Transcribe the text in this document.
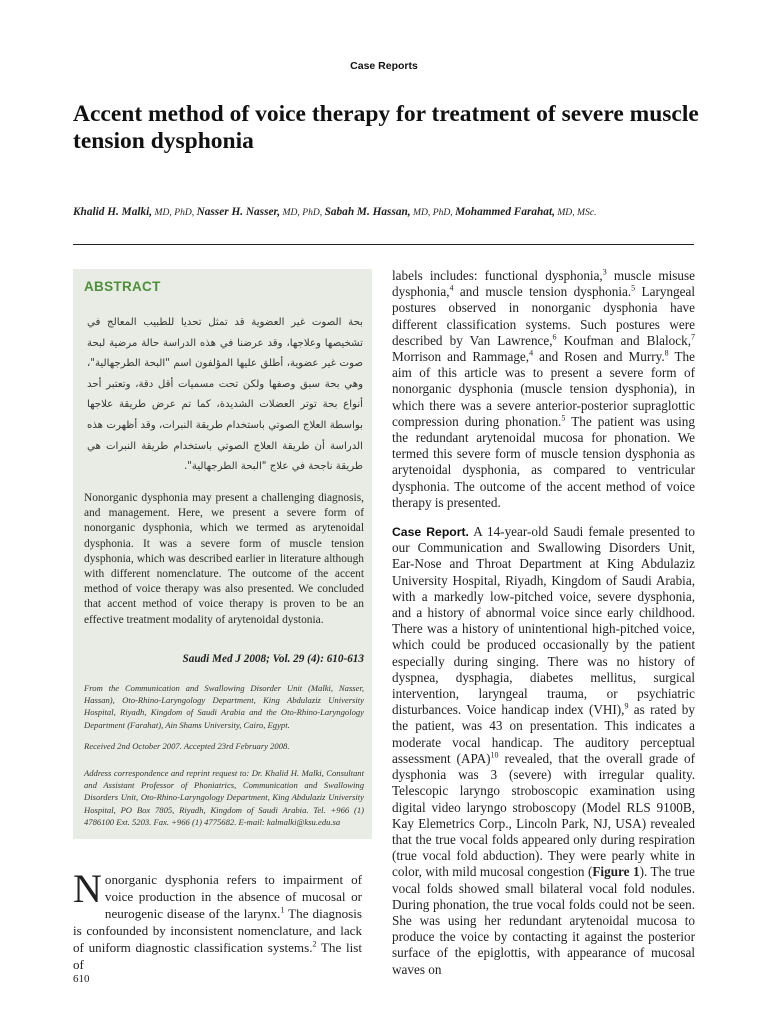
Case Reports
Accent method of voice therapy for treatment of severe muscle tension dysphonia
Khalid H. Malki, MD, PhD, Nasser H. Nasser, MD, PhD, Sabah M. Hassan, MD, PhD, Mohammed Farahat, MD, MSc.
ABSTRACT
بحة الصوت غير العضوية قد تمثل تحديا للطبيب المعالج في تشخيصها وعلاجها، وقد عرضنا في هذه الدراسة حالة مرضية لبحة صوت غير عضوية، أطلق عليها المؤلفون اسم "البحة الطرجهالية"، وهي بحة سبق وصفها ولكن تحت مسميات أقل دقة، وتعتبر أحد أنواع بحة توتر العضلات الشديدة، كما تم عرض طريقة علاجها بواسطة العلاج الصوتي باستخدام طريقة النبرات، وقد أظهرت هذه الدراسة أن طريقة العلاج الصوتي باستخدام طريقة النبرات هي طريقة ناجحة في علاج "البحة الطرجهالية".
Nonorganic dysphonia may present a challenging diagnosis, and management. Here, we present a severe form of nonorganic dysphonia, which we termed as arytenoidal dysphonia. It was a severe form of muscle tension dysphonia, which was described earlier in literature although with different nomenclature. The outcome of the accent method of voice therapy was also presented. We concluded that accent method of voice therapy is proven to be an effective treatment modality of arytenoidal dystonia.
Saudi Med J 2008; Vol. 29 (4): 610-613
From the Communication and Swallowing Disorder Unit (Malki, Nasser, Hassan), Oto-Rhino-Laryngology Department, King Abdulaziz University Hospital, Riyadh, Kingdom of Saudi Arabia and the Oto-Rhino-Laryngology Department (Farahat), Ain Shams University, Cairo, Egypt.
Received 2nd October 2007. Accepted 23rd February 2008.
Address correspondence and reprint request to: Dr. Khalid H. Malki, Consultant and Assistant Professor of Phoniatrics, Communication and Swallowing Disorders Unit, Oto-Rhino-Laryngology Department, King Abdulaziz University Hospital, PO Box 7805, Riyadh, Kingdom of Saudi Arabia. Tel. +966 (1) 4786100 Ext. 5203. Fax. +966 (1) 4775682. E-mail: kalmalki@ksu.edu.sa
Nonorganic dysphonia refers to impairment of voice production in the absence of mucosal or neurogenic disease of the larynx.$^1$ The diagnosis is confounded by inconsistent nomenclature, and lack of uniform diagnostic classification systems.$^2$ The list of
610

labels includes: functional dysphonia,$^3$ muscle misuse dysphonia,$^4$ and muscle tension dysphonia.$^5$ Laryngeal postures observed in nonorganic dysphonia have different classification systems. Such postures were described by Van Lawrence,$^6$ Koufman and Blalock,$^7$ Morrison and Rammage,$^4$ and Rosen and Murry.$^8$ The aim of this article was to present a severe form of nonorganic dysphonia (muscle tension dysphonia), in which there was a severe anterior-posterior supraglottic compression during phonation.$^5$ The patient was using the redundant arytenoidal mucosa for phonation. We termed this severe form of muscle tension dysphonia as arytenoidal dysphonia, as compared to ventricular dysphonia. The outcome of the accent method of voice therapy is presented.

Case Report. A 14-year-old Saudi female presented to our Communication and Swallowing Disorders Unit, Ear-Nose and Throat Department at King Abdulaziz University Hospital, Riyadh, Kingdom of Saudi Arabia, with a markedly low-pitched voice, severe dysphonia, and a history of abnormal voice since early childhood. There was a history of unintentional high-pitched voice, which could be produced occasionally by the patient especially during singing. There was no history of dyspnea, dysphagia, diabetes mellitus, surgical intervention, laryngeal trauma, or psychiatric disturbances. Voice handicap index (VHI),$^9$ as rated by the patient, was 43 on presentation. This indicates a moderate vocal handicap. The auditory perceptual assessment (APA)$^{10}$ revealed, that the overall grade of dysphonia was 3 (severe) with irregular quality. Telescopic laryngo stroboscopic examination using digital video laryngo stroboscopy (Model RLS 9100B, Kay Elemetrics Corp., Lincoln Park, NJ, USA) revealed that the true vocal folds appeared only during respiration (true vocal fold abduction). They were pearly white in color, with mild mucosal congestion (Figure 1). The true vocal folds showed small bilateral vocal fold nodules. During phonation, the true vocal folds could not be seen. She was using her redundant arytenoidal mucosa to produce the voice by contacting it against the posterior surface of the epiglottis, with appearance of mucosal waves on
